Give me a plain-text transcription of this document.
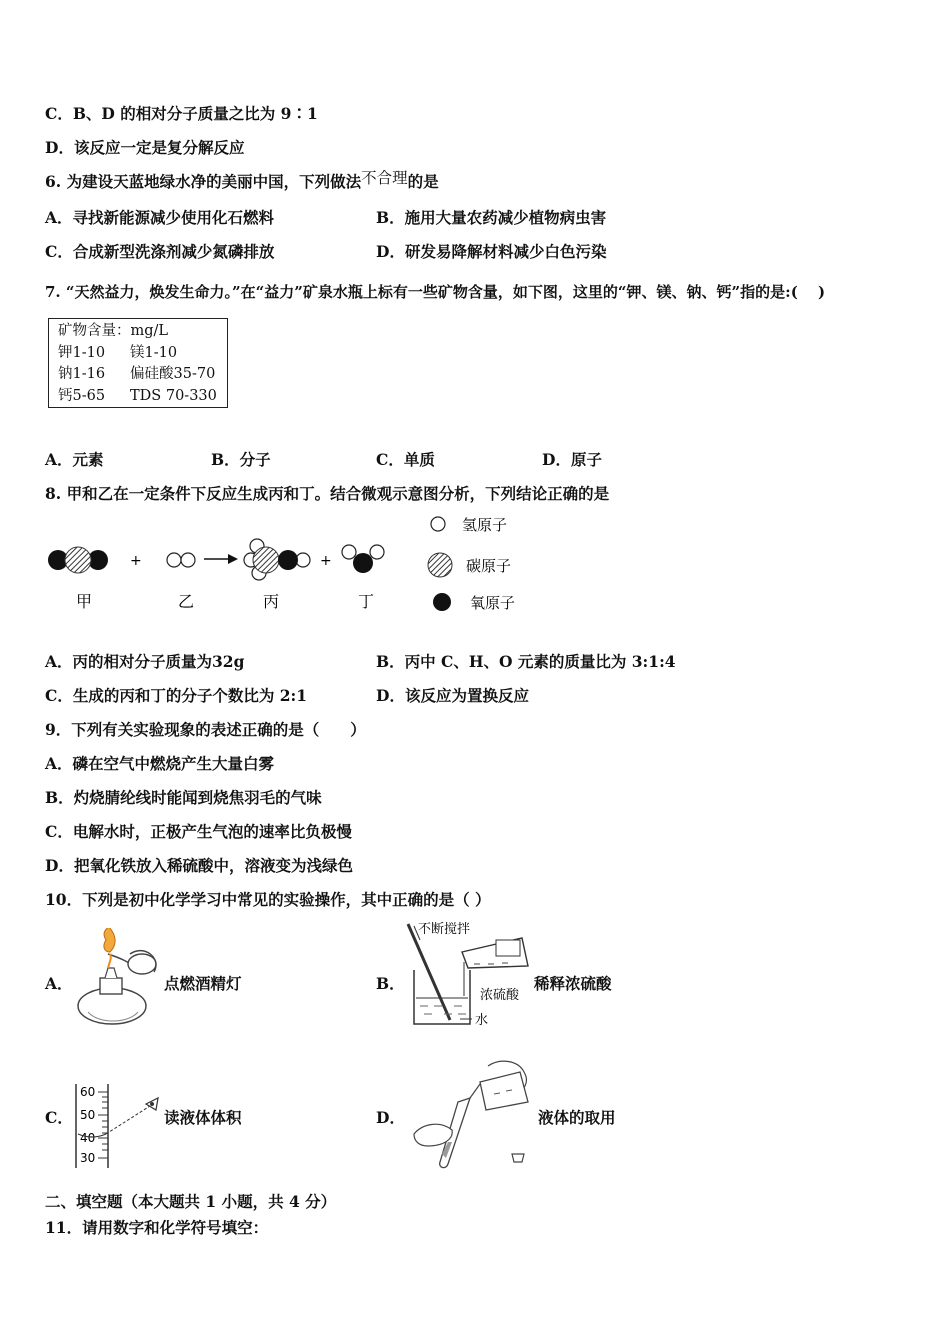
C．B、D 的相对分子质量之比为 9∶1
D．该反应一定是复分解反应
6. 为建设天蓝地绿水净的美丽中国，下列做法不合理的是
A．寻找新能源减少使用化石燃料	B．施用大量农药减少植物病虫害
C．合成新型洗涤剂减少氮磷排放	D．研发易降解材料减少白色污染
7. “天然益力，焕发生命力。”在“益力”矿泉水瓶上标有一些矿物含量，如下图，这里的“钾、镁、钠、钙”指的是:(　 )
矿物含量：mg/L
钾1-10 镁1-10
钠1-16 偏硅酸35-70
钙5-65 TDS 70-330
A．元素	B．分子	C．单质	D．原子
8. 甲和乙在一定条件下反应生成丙和丁。结合微观示意图分析，下列结论正确的是
+	+
甲	乙	丙	丁
氢原子
碳原子
氧原子
A．丙的相对分子质量为32g	B．丙中 C、H、O 元素的质量比为 3:1:4
C．生成的丙和丁的分子个数比为 2:1	D．该反应为置换反应
9．下列有关实验现象的表述正确的是（　　）
A．磷在空气中燃烧产生大量白雾
B．灼烧腈纶线时能闻到烧焦羽毛的气味
C．电解水时，正极产生气泡的速率比负极慢
D．把氧化铁放入稀硫酸中，溶液变为浅绿色
10．下列是初中化学学习中常见的实验操作，其中正确的是（ ）
A．	点燃酒精灯	B．
不断搅拌
浓硫酸
水
稀释浓硫酸
C．
60
50
40
30
读液体体积	D．	液体的取用
二、填空题（本大题共 1 小题，共 4 分）
11．请用数字和化学符号填空：
